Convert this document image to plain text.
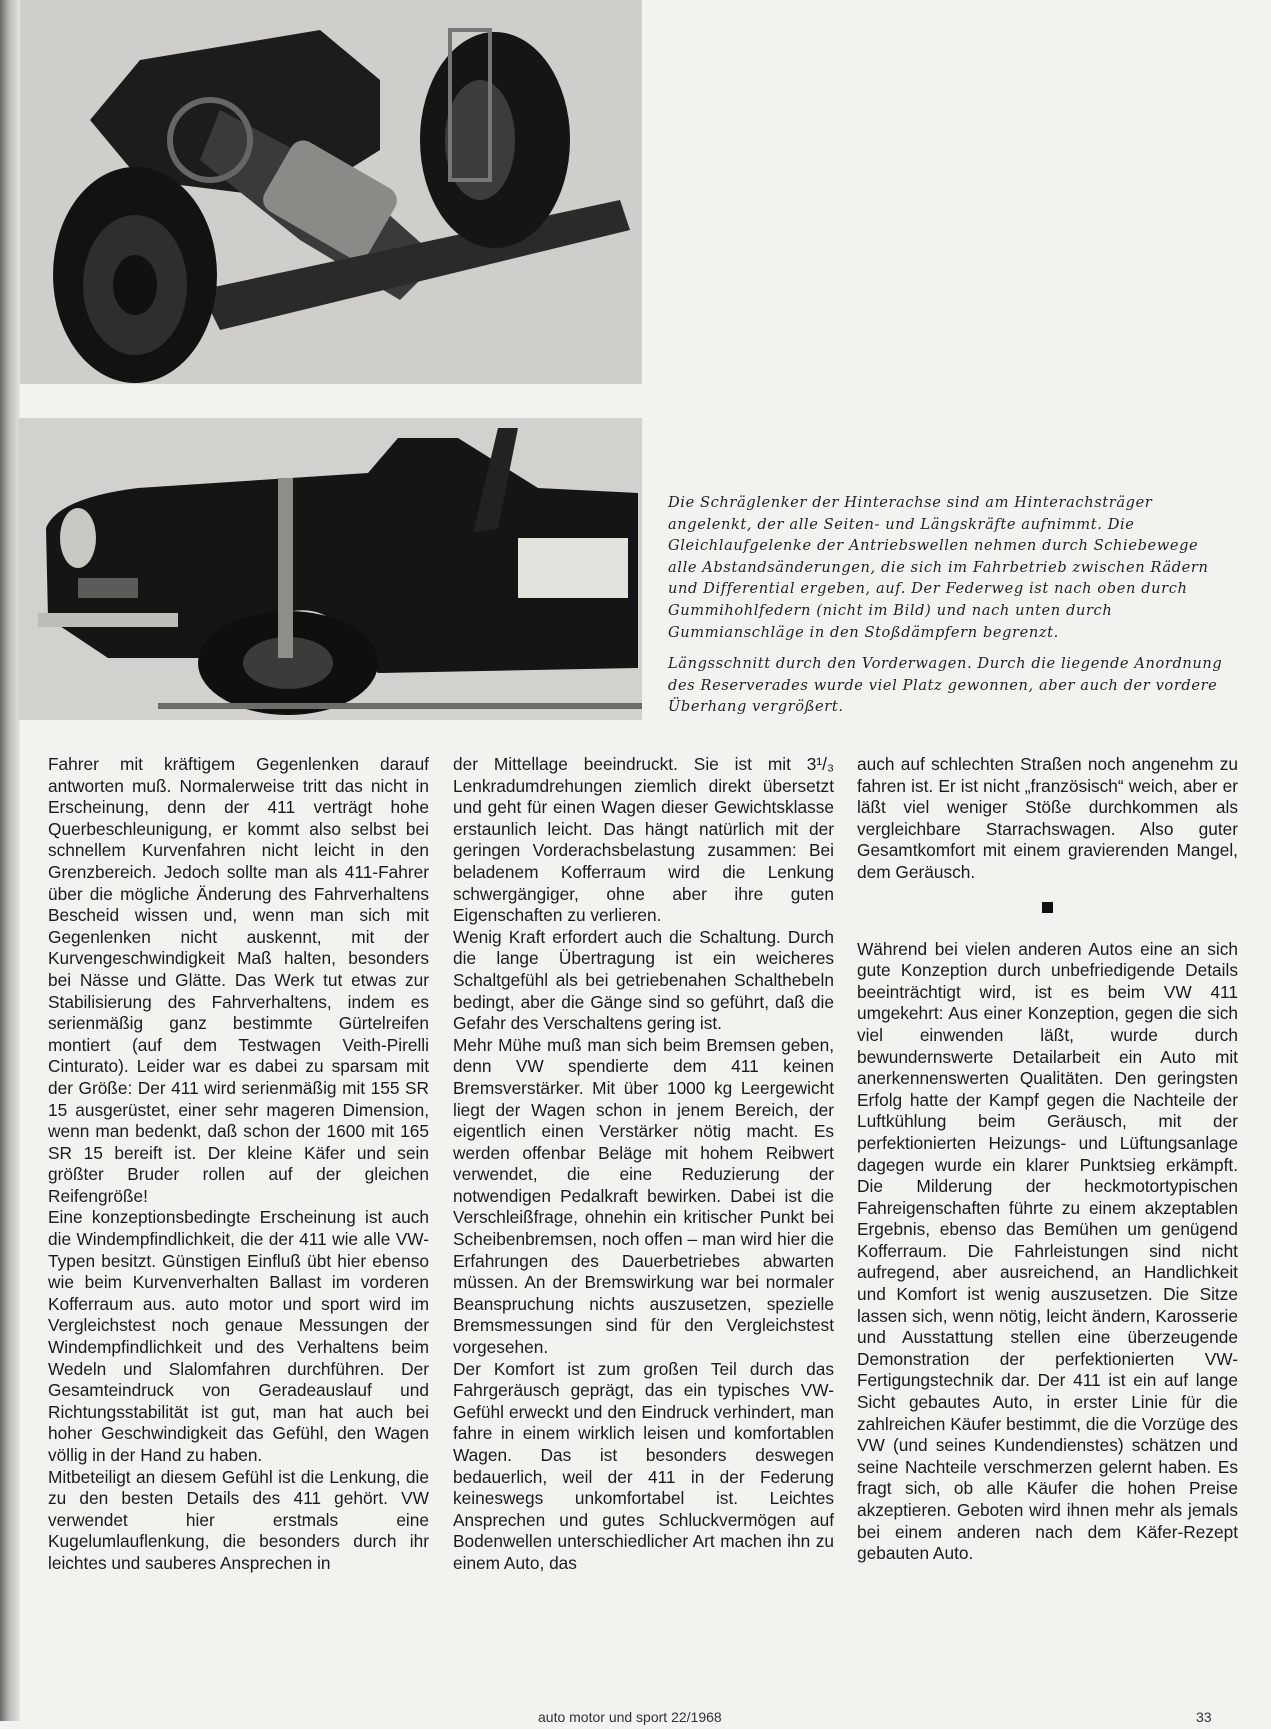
Die Schräglenker der Hinterachse sind am Hinterachsträger angelenkt, der alle Seiten- und Längskräfte aufnimmt. Die Gleichlaufgelenke der Antriebswellen nehmen durch Schiebewege alle Abstandsänderungen, die sich im Fahrbetrieb zwischen Rädern und Differential ergeben, auf. Der Federweg ist nach oben durch Gummihohlfedern (nicht im Bild) und nach unten durch Gummianschläge in den Stoßdämpfern begrenzt.

Längsschnitt durch den Vorderwagen. Durch die liegende Anordnung des Reserverades wurde viel Platz gewonnen, aber auch der vordere Überhang vergrößert.

Fahrer mit kräftigem Gegenlenken darauf antworten muß. Normalerweise tritt das nicht in Erscheinung, denn der 411 verträgt hohe Querbeschleunigung, er kommt also selbst bei schnellem Kurvenfahren nicht leicht in den Grenzbereich. Jedoch sollte man als 411-Fahrer über die mögliche Änderung des Fahrverhaltens Bescheid wissen und, wenn man sich mit Gegenlenken nicht auskennt, mit der Kurvengeschwindigkeit Maß halten, besonders bei Nässe und Glätte. Das Werk tut etwas zur Stabilisierung des Fahrverhaltens, indem es serienmäßig ganz bestimmte Gürtelreifen montiert (auf dem Testwagen Veith-Pirelli Cinturato). Leider war es dabei zu sparsam mit der Größe: Der 411 wird serienmäßig mit 155 SR 15 ausgerüstet, einer sehr mageren Dimension, wenn man bedenkt, daß schon der 1600 mit 165 SR 15 bereift ist. Der kleine Käfer und sein größter Bruder rollen auf der gleichen Reifengröße!

Eine konzeptionsbedingte Erscheinung ist auch die Windempfindlichkeit, die der 411 wie alle VW-Typen besitzt. Günstigen Einfluß übt hier ebenso wie beim Kurvenverhalten Ballast im vorderen Kofferraum aus. auto motor und sport wird im Vergleichstest noch genaue Messungen der Windempfindlichkeit und des Verhaltens beim Wedeln und Slalomfahren durchführen. Der Gesamteindruck von Geradeauslauf und Richtungsstabilität ist gut, man hat auch bei hoher Geschwindigkeit das Gefühl, den Wagen völlig in der Hand zu haben.

Mitbeteiligt an diesem Gefühl ist die Lenkung, die zu den besten Details des 411 gehört. VW verwendet hier erstmals eine Kugelumlauflenkung, die besonders durch ihr leichtes und sauberes Ansprechen in

der Mittellage beeindruckt. Sie ist mit 3¹/₃ Lenkradumdrehungen ziemlich direkt übersetzt und geht für einen Wagen dieser Gewichtsklasse erstaunlich leicht. Das hängt natürlich mit der geringen Vorderachsbelastung zusammen: Bei beladenem Kofferraum wird die Lenkung schwergängiger, ohne aber ihre guten Eigenschaften zu verlieren.

Wenig Kraft erfordert auch die Schaltung. Durch die lange Übertragung ist ein weicheres Schaltgefühl als bei getriebenahen Schalthebeln bedingt, aber die Gänge sind so geführt, daß die Gefahr des Verschaltens gering ist.

Mehr Mühe muß man sich beim Bremsen geben, denn VW spendierte dem 411 keinen Bremsverstärker. Mit über 1000 kg Leergewicht liegt der Wagen schon in jenem Bereich, der eigentlich einen Verstärker nötig macht. Es werden offenbar Beläge mit hohem Reibwert verwendet, die eine Reduzierung der notwendigen Pedalkraft bewirken. Dabei ist die Verschleißfrage, ohnehin ein kritischer Punkt bei Scheibenbremsen, noch offen – man wird hier die Erfahrungen des Dauerbetriebes abwarten müssen. An der Bremswirkung war bei normaler Beanspruchung nichts auszusetzen, spezielle Bremsmessungen sind für den Vergleichstest vorgesehen.

Der Komfort ist zum großen Teil durch das Fahrgeräusch geprägt, das ein typisches VW-Gefühl erweckt und den Eindruck verhindert, man fahre in einem wirklich leisen und komfortablen Wagen. Das ist besonders deswegen bedauerlich, weil der 411 in der Federung keineswegs unkomfortabel ist. Leichtes Ansprechen und gutes Schluckvermögen auf Bodenwellen unterschiedlicher Art machen ihn zu einem Auto, das

auch auf schlechten Straßen noch angenehm zu fahren ist. Er ist nicht „französisch“ weich, aber er läßt viel weniger Stöße durchkommen als vergleichbare Starrachswagen. Also guter Gesamtkomfort mit einem gravierenden Mangel, dem Geräusch.

Während bei vielen anderen Autos eine an sich gute Konzeption durch unbefriedigende Details beeinträchtigt wird, ist es beim VW 411 umgekehrt: Aus einer Konzeption, gegen die sich viel einwenden läßt, wurde durch bewundernswerte Detailarbeit ein Auto mit anerkennenswerten Qualitäten. Den geringsten Erfolg hatte der Kampf gegen die Nachteile der Luftkühlung beim Geräusch, mit der perfektionierten Heizungs- und Lüftungsanlage dagegen wurde ein klarer Punktsieg erkämpft. Die Milderung der heckmotortypischen Fahreigenschaften führte zu einem akzeptablen Ergebnis, ebenso das Bemühen um genügend Kofferraum. Die Fahrleistungen sind nicht aufregend, aber ausreichend, an Handlichkeit und Komfort ist wenig auszusetzen. Die Sitze lassen sich, wenn nötig, leicht ändern, Karosserie und Ausstattung stellen eine überzeugende Demonstration der perfektionierten VW-Fertigungstechnik dar. Der 411 ist ein auf lange Sicht gebautes Auto, in erster Linie für die zahlreichen Käufer bestimmt, die die Vorzüge des VW (und seines Kundendienstes) schätzen und seine Nachteile verschmerzen gelernt haben. Es fragt sich, ob alle Käufer die hohen Preise akzeptieren. Geboten wird ihnen mehr als jemals bei einem anderen nach dem Käfer-Rezept gebauten Auto.

auto motor und sport 22/1968	33
